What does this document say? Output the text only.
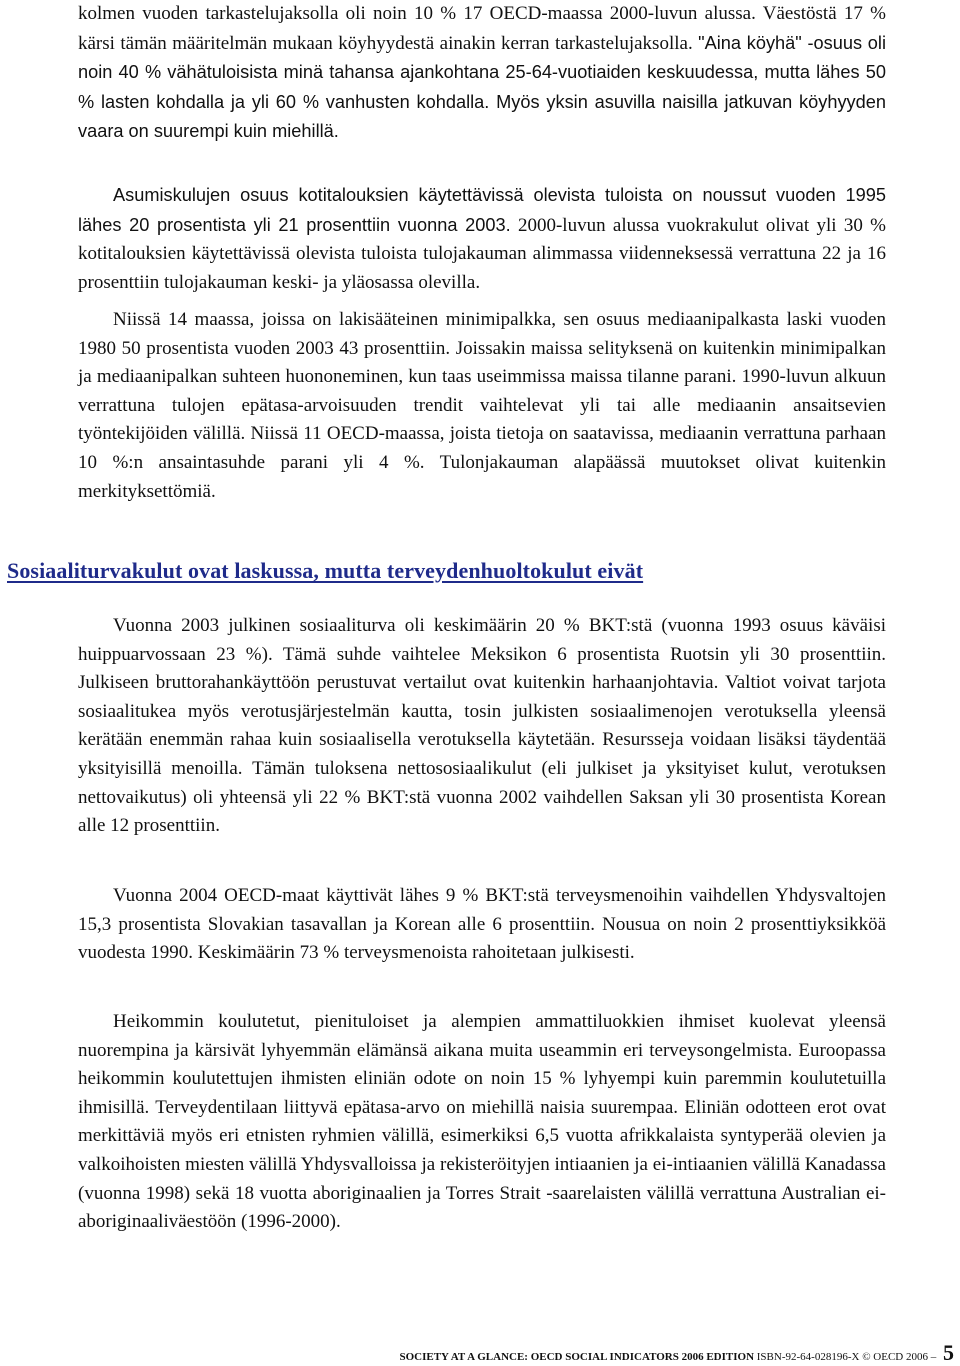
kolmen vuoden tarkastelujaksolla oli noin 10 % 17 OECD-maassa 2000-luvun alussa. Väestöstä 17 % kärsi tämän määritelmän mukaan köyhyydestä ainakin kerran tarkastelujaksolla. "Aina köyhä" -osuus oli noin 40 % vähätuloisista minä tahansa ajankohtana 25-64-vuotiaiden keskuudessa, mutta lähes 50 % lasten kohdalla ja yli 60 % vanhusten kohdalla. Myös yksin asuvilla naisilla jatkuvan köyhyyden vaara on suurempi kuin miehillä.

Asumiskulujen osuus kotitalouksien käytettävissä olevista tuloista on noussut vuoden 1995 lähes 20 prosentista yli 21 prosenttiin vuonna 2003. 2000-luvun alussa vuokrakulut olivat yli 30 % kotitalouksien käytettävissä olevista tuloista tulojakauman alimmassa viidenneksessä verrattuna 22 ja 16 prosenttiin tulojakauman keski- ja yläosassa olevilla.

Niissä 14 maassa, joissa on lakisääteinen minimipalkka, sen osuus mediaanipalkasta laski vuoden 1980 50 prosentista vuoden 2003 43 prosenttiin. Joissakin maissa selityksenä on kuitenkin minimipalkan ja mediaanipalkan suhteen huononeminen, kun taas useimmissa maissa tilanne parani. 1990-luvun alkuun verrattuna tulojen epätasa-arvoisuuden trendit vaihtelevat yli tai alle mediaanin ansaitsevien työntekijöiden välillä. Niissä 11 OECD-maassa, joista tietoja on saatavissa, mediaanin verrattuna parhaan 10 %:n ansaintasuhde parani yli 4 %. Tulonjakauman alapäässä muutokset olivat kuitenkin merkityksettömiä.

Sosiaaliturvakulut ovat laskussa, mutta terveydenhuoltokulut eivät

Vuonna 2003 julkinen sosiaaliturva oli keskimäärin 20 % BKT:stä (vuonna 1993 osuus käväisi huippuarvossaan 23 %). Tämä suhde vaihtelee Meksikon 6 prosentista Ruotsin yli 30 prosenttiin. Julkiseen bruttorahankäyttöön perustuvat vertailut ovat kuitenkin harhaanjohtavia. Valtiot voivat tarjota sosiaalitukea myös verotusjärjestelmän kautta, tosin julkisten sosiaalimenojen verotuksella yleensä kerätään enemmän rahaa kuin sosiaalisella verotuksella käytetään. Resursseja voidaan lisäksi täydentää yksityisillä menoilla. Tämän tuloksena nettososiaalikulut (eli julkiset ja yksityiset kulut, verotuksen nettovaikutus) oli yhteensä yli 22 % BKT:stä vuonna 2002 vaihdellen Saksan yli 30 prosentista Korean alle 12 prosenttiin.

Vuonna 2004 OECD-maat käyttivät lähes 9 % BKT:stä terveysmenoihin vaihdellen Yhdysvaltojen 15,3 prosentista Slovakian tasavallan ja Korean alle 6 prosenttiin. Nousua on noin 2 prosenttiyksikköä vuodesta 1990. Keskimäärin 73 % terveysmenoista rahoitetaan julkisesti.

Heikommin koulutetut, pienituloiset ja alempien ammattiluokkien ihmiset kuolevat yleensä nuorempina ja kärsivät lyhyemmän elämänsä aikana muita useammin eri terveysongelmista. Euroopassa heikommin koulutettujen ihmisten eliniän odote on noin 15 % lyhyempi kuin paremmin koulutetuilla ihmisillä. Terveydentilaan liittyvä epätasa-arvo on miehillä naisia suurempaa. Eliniän odotteen erot ovat merkittäviä myös eri etnisten ryhmien välillä, esimerkiksi 6,5 vuotta afrikkalaista syntyperää olevien ja valkoihoisten miesten välillä Yhdysvalloissa ja rekisteröityjen intiaanien ja ei-intiaanien välillä Kanadassa (vuonna 1998) sekä 18 vuotta aboriginaalien ja Torres Strait -saarelaisten välillä verrattuna Australian ei-aboriginaaliväestöön (1996-2000).

SOCIETY AT A GLANCE: OECD SOCIAL INDICATORS 2006 EDITION ISBN-92-64-028196-X © OECD 2006 – 5
